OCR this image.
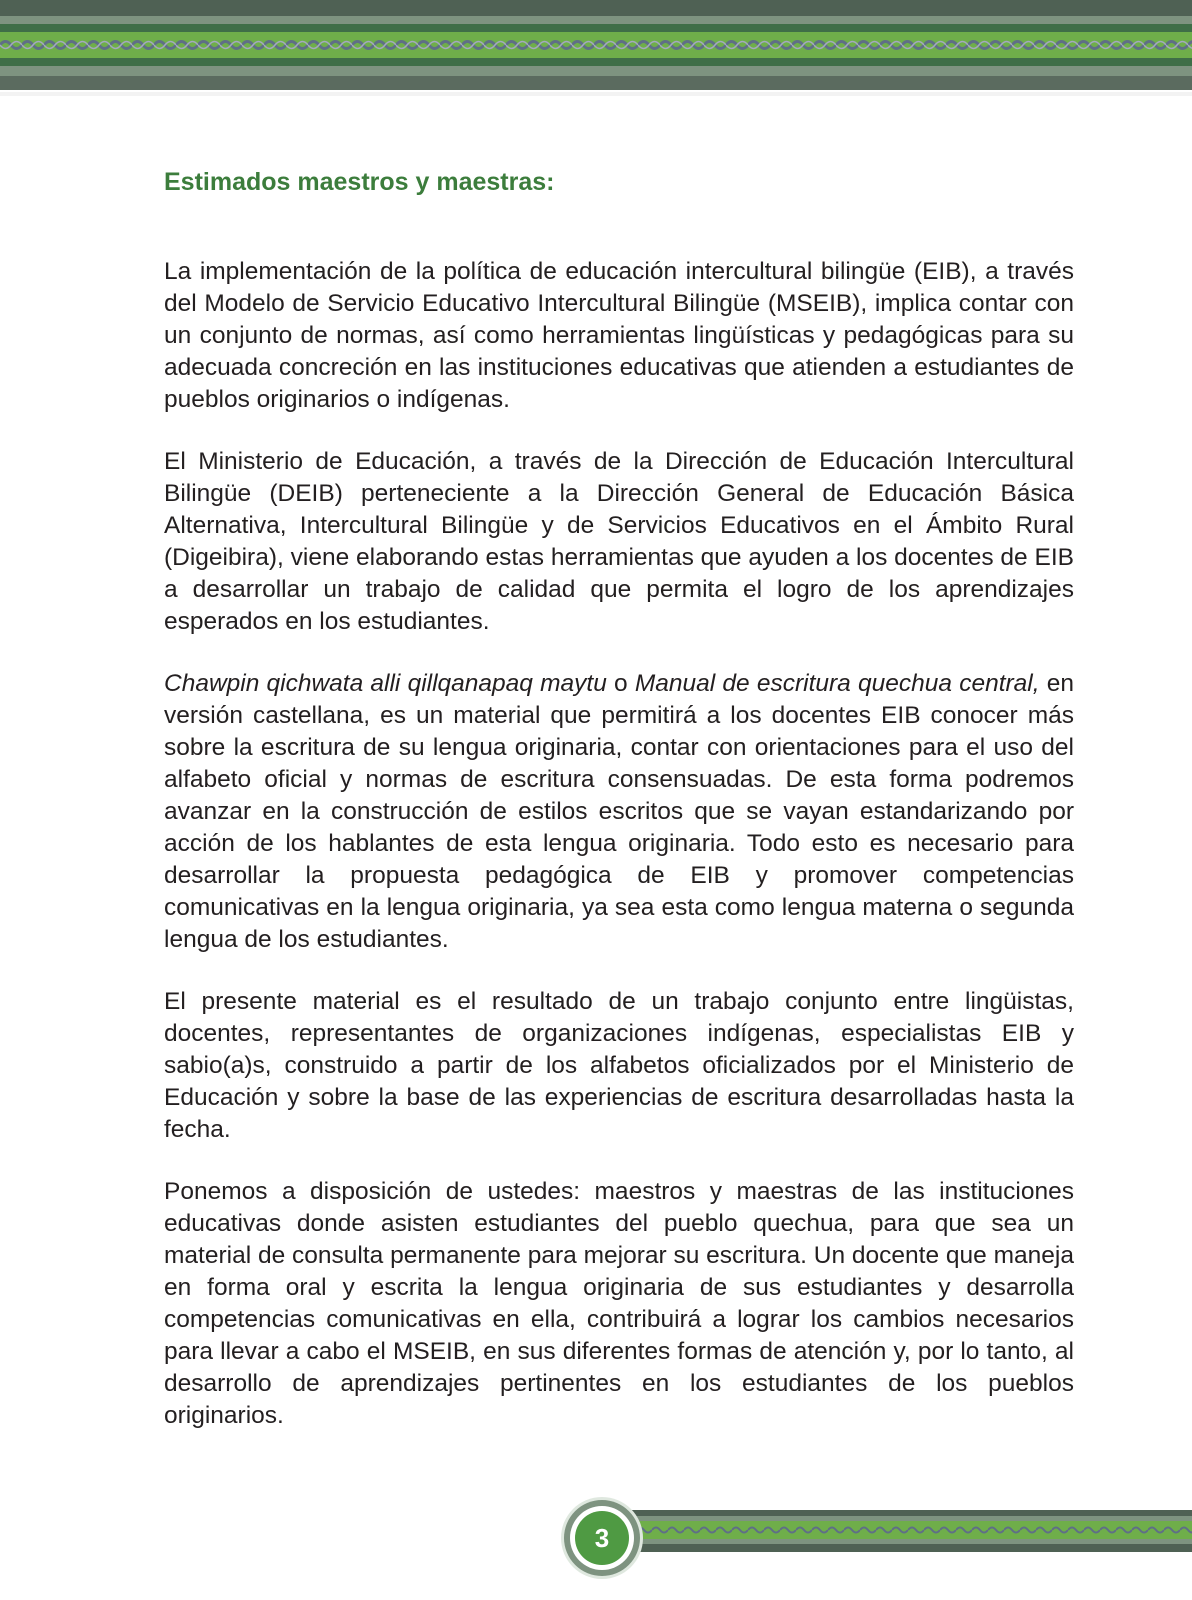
Estimados maestros y maestras:

La implementación de la política de educación intercultural bilingüe (EIB), a través del Modelo de Servicio Educativo Intercultural Bilingüe (MSEIB), implica contar con un conjunto de normas, así como herramientas lingüísticas y pedagógicas para su adecuada concreción en las instituciones educativas que atienden a estudiantes de pueblos originarios o indígenas.

El Ministerio de Educación, a través de la Dirección de Educación Intercultural Bilingüe (DEIB) perteneciente a la Dirección General de Educación Básica Alternativa, Intercultural Bilingüe y de Servicios Educativos en el Ámbito Rural (Digeibira), viene elaborando estas herramientas que ayuden a los docentes de EIB a desarrollar un trabajo de calidad que permita el logro de los aprendizajes esperados en los estudiantes.

Chawpin qichwata alli qillqanapaq maytu o Manual de escritura quechua central, en versión castellana, es un material que permitirá a los docentes EIB conocer más sobre la escritura de su lengua originaria, contar con orientaciones para el uso del alfabeto oficial y normas de escritura consensuadas. De esta forma podremos avanzar en la construcción de estilos escritos que se vayan estandarizando por acción de los hablantes de esta lengua originaria. Todo esto es necesario para desarrollar la propuesta pedagógica de EIB y promover competencias comunicativas en la lengua originaria, ya sea esta como lengua materna o segunda lengua de los estudiantes.

El presente material es el resultado de un trabajo conjunto entre lingüistas, docentes, representantes de organizaciones indígenas, especialistas EIB y sabio(a)s, construido a partir de los alfabetos oficializados por el Ministerio de Educación y sobre la base de las experiencias de escritura desarrolladas hasta la fecha.

Ponemos a disposición de ustedes: maestros y maestras de las instituciones educativas donde asisten estudiantes del pueblo quechua, para que sea un material de consulta permanente para mejorar su escritura. Un docente que maneja en forma oral y escrita la lengua originaria de sus estudiantes y desarrolla competencias comunicativas en ella, contribuirá a lograr los cambios necesarios para llevar a cabo el MSEIB, en sus diferentes formas de atención y, por lo tanto, al desarrollo de aprendizajes pertinentes en los estudiantes de los pueblos originarios.

3
